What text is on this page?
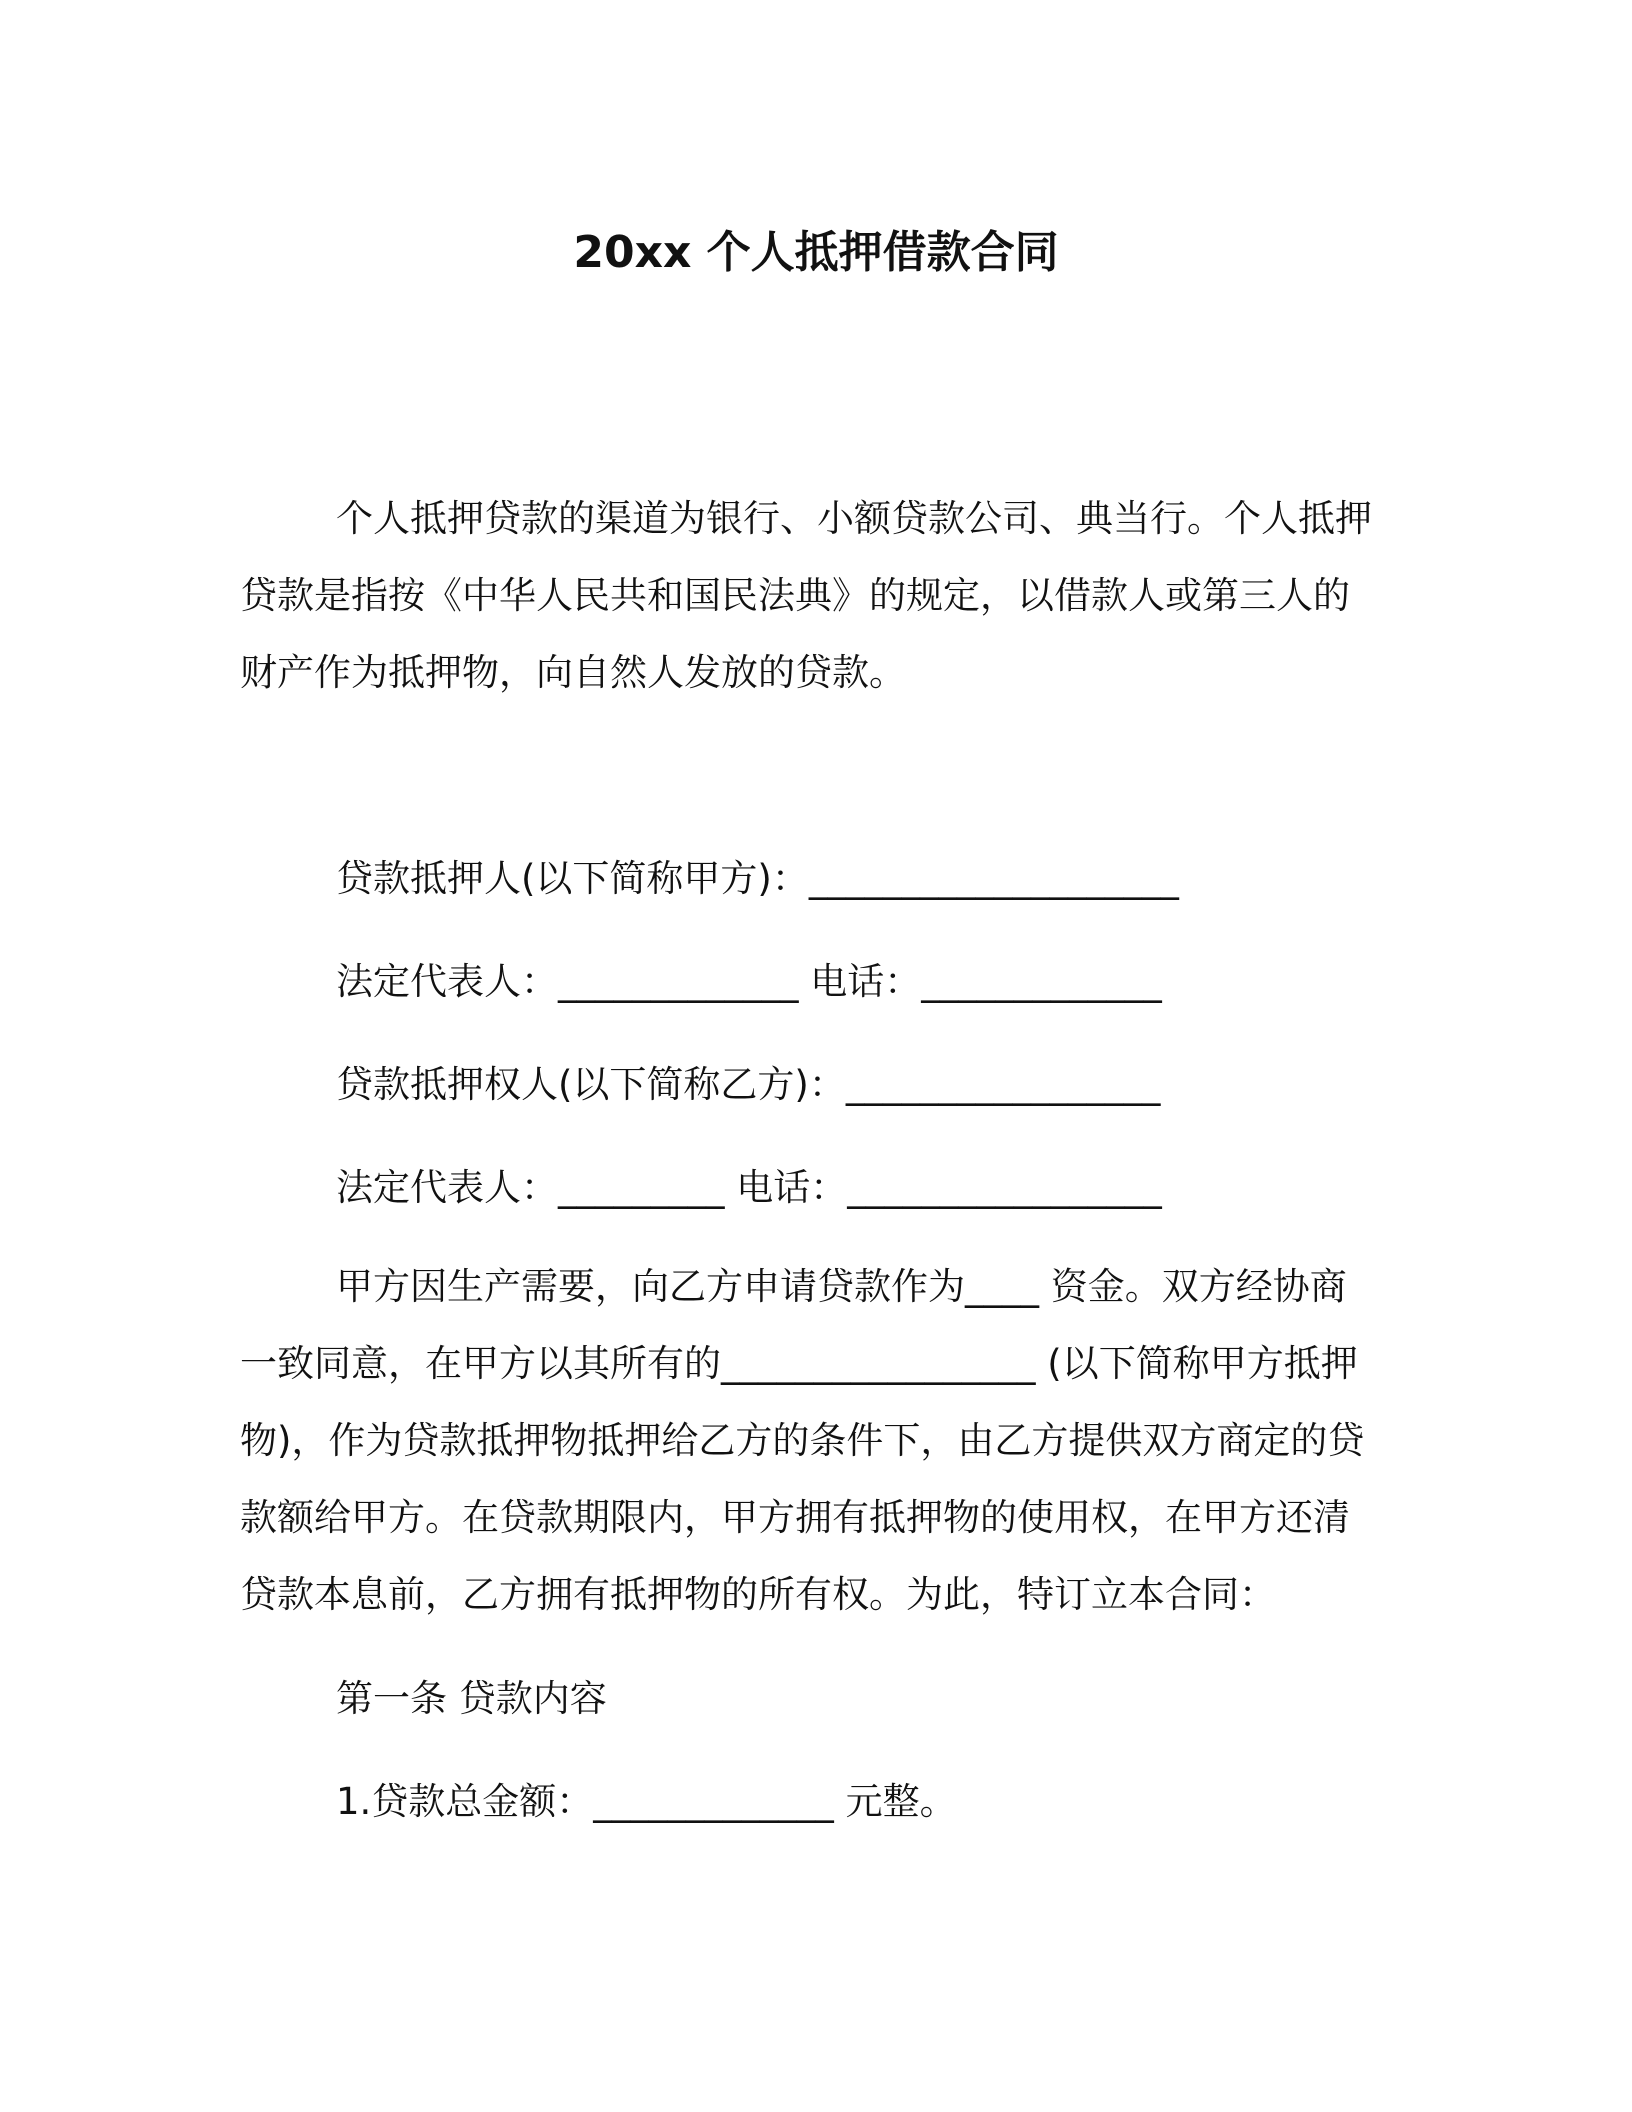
20xx 个人抵押借款合同
个人抵押贷款的渠道为银行、小额贷款公司、典当行。个人抵押
贷款是指按《中华人民共和国民法典》的规定，以借款人或第三人的
财产作为抵押物，向自然人发放的贷款。
贷款抵押人(以下简称甲方)：____________________
法定代表人：_____________ 电话：_____________
贷款抵押权人(以下简称乙方)：_________________
法定代表人：_________ 电话：_________________
甲方因生产需要，向乙方申请贷款作为____ 资金。双方经协商
一致同意，在甲方以其所有的_________________ (以下简称甲方抵押
物)，作为贷款抵押物抵押给乙方的条件下，由乙方提供双方商定的贷
款额给甲方。在贷款期限内，甲方拥有抵押物的使用权，在甲方还清
贷款本息前，乙方拥有抵押物的所有权。为此，特订立本合同：
第一条 贷款内容
1.贷款总金额：_____________ 元整。
